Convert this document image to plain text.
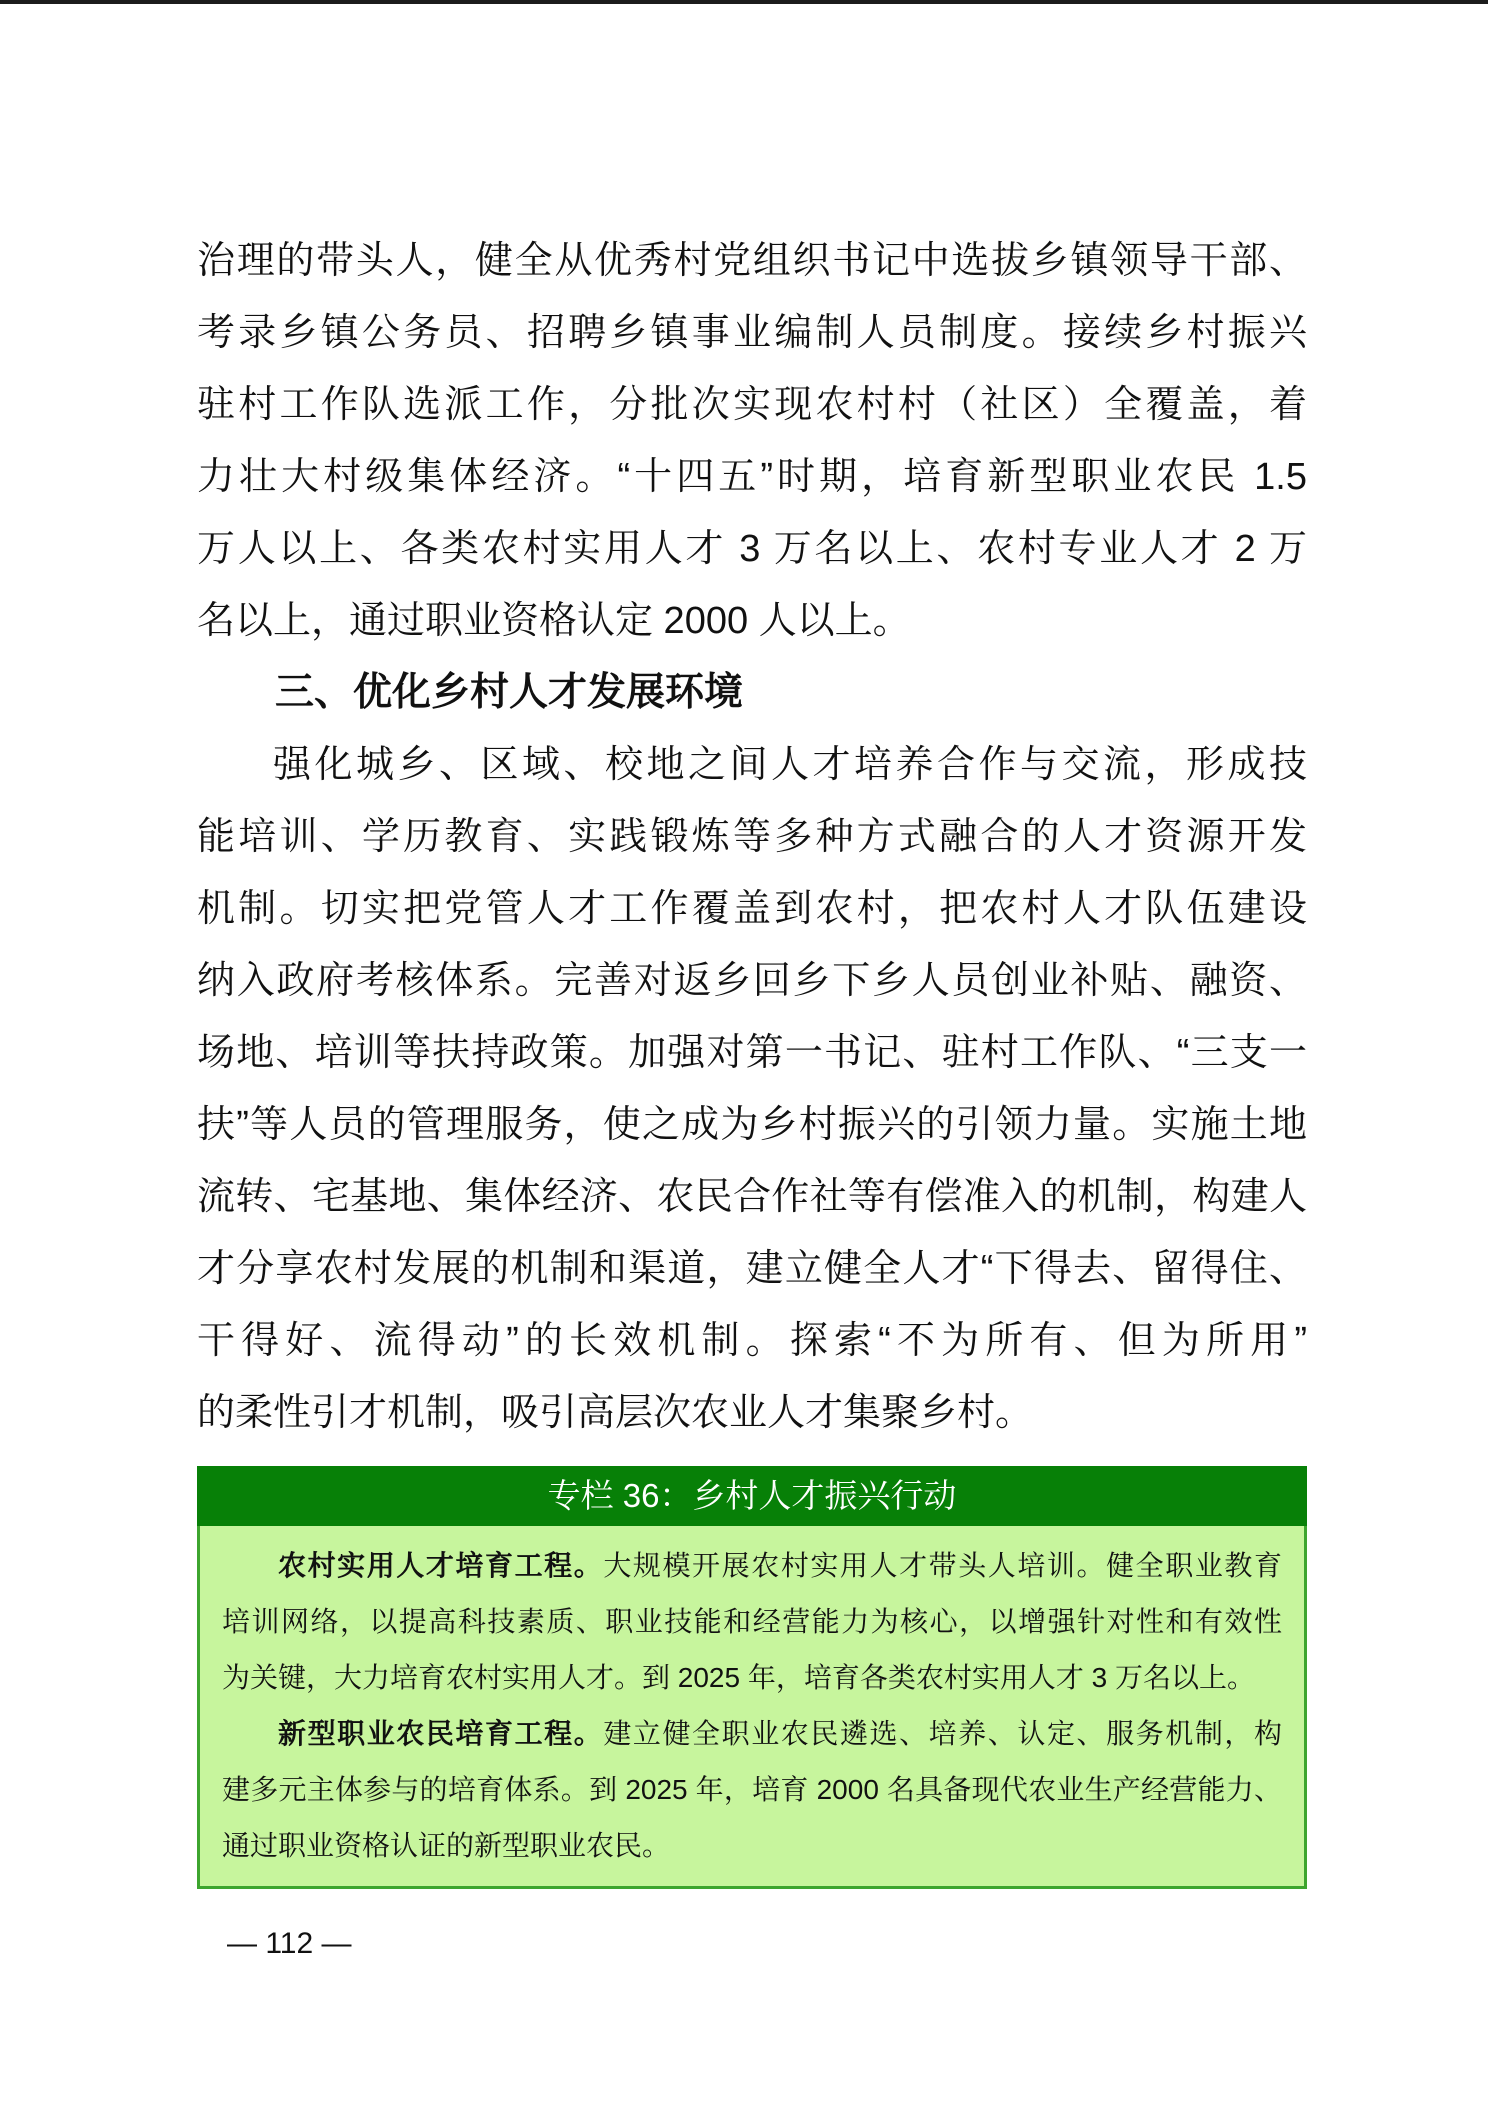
治理的带头人，健全从优秀村党组织书记中选拔乡镇领导干部、
考录乡镇公务员、招聘乡镇事业编制人员制度。接续乡村振兴
驻村工作队选派工作，分批次实现农村村（社区）全覆盖，着
力壮大村级集体经济。“十四五”时期，培育新型职业农民 1.5
万人以上、各类农村实用人才 3 万名以上、农村专业人才 2 万
名以上，通过职业资格认定 2000 人以上。
三、优化乡村人才发展环境
强化城乡、区域、校地之间人才培养合作与交流，形成技
能培训、学历教育、实践锻炼等多种方式融合的人才资源开发
机制。切实把党管人才工作覆盖到农村，把农村人才队伍建设
纳入政府考核体系。完善对返乡回乡下乡人员创业补贴、融资、
场地、培训等扶持政策。加强对第一书记、驻村工作队、“三支一
扶”等人员的管理服务，使之成为乡村振兴的引领力量。实施土地
流转、宅基地、集体经济、农民合作社等有偿准入的机制，构建人
才分享农村发展的机制和渠道，建立健全人才“下得去、留得住、
干得好、流得动”的长效机制。探索“不为所有、但为所用”
的柔性引才机制，吸引高层次农业人才集聚乡村。
专栏 36：乡村人才振兴行动
农村实用人才培育工程。大规模开展农村实用人才带头人培训。健全职业教育
培训网络，以提高科技素质、职业技能和经营能力为核心，以增强针对性和有效性
为关键，大力培育农村实用人才。到 2025 年，培育各类农村实用人才 3 万名以上。
新型职业农民培育工程。建立健全职业农民遴选、培养、认定、服务机制，构
建多元主体参与的培育体系。到 2025 年，培育 2000 名具备现代农业生产经营能力、
通过职业资格认证的新型职业农民。
— 112 —
